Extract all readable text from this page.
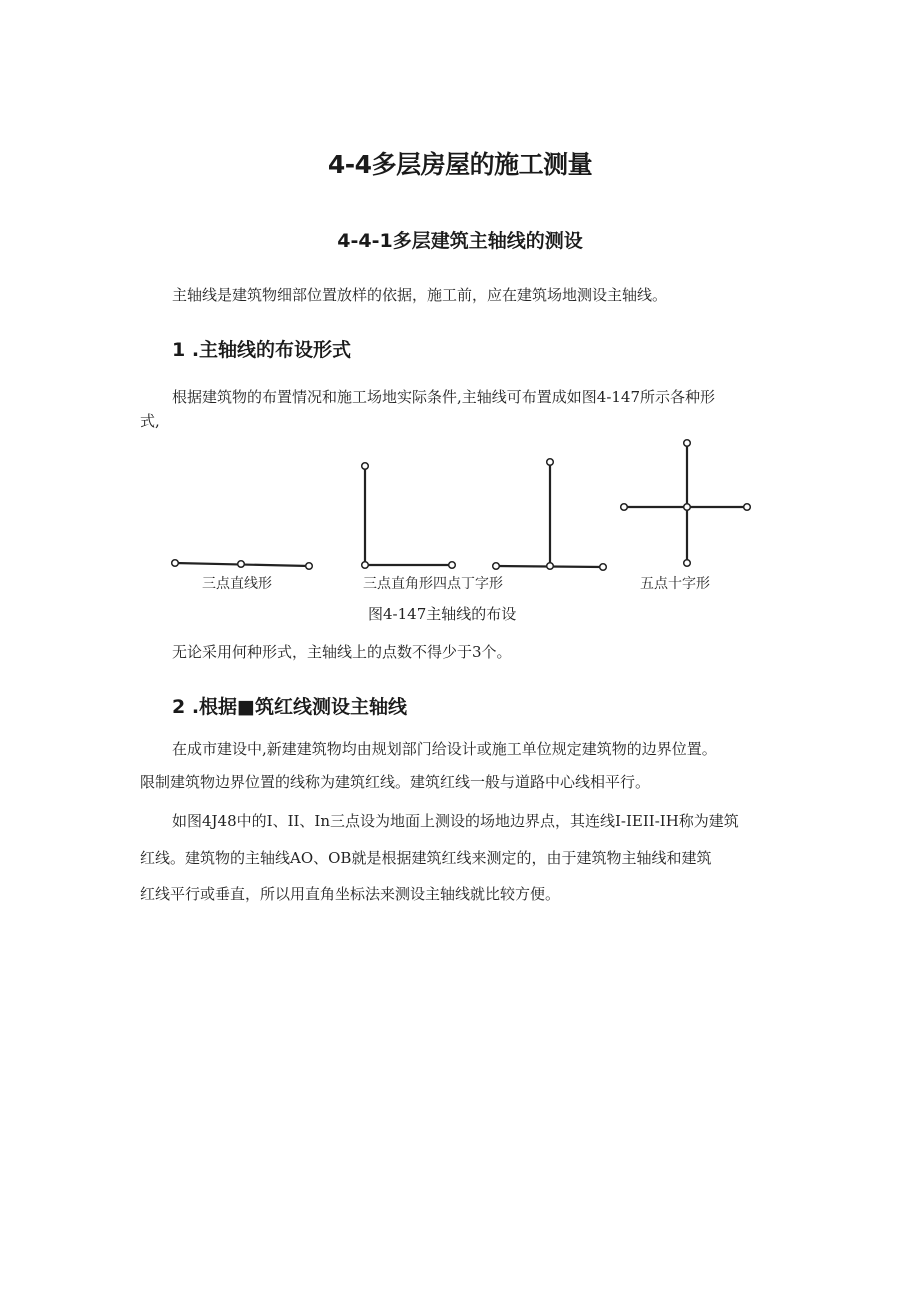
4-4多层房屋的施工测量
4-4-1多层建筑主轴线的测设
主轴线是建筑物细部位置放样的依据，施工前，应在建筑场地测设主轴线。
1 .主轴线的布设形式
根据建筑物的布置情况和施工场地实际条件,主轴线可布置成如图4-147所示各种形
式,
三点直线形	三点直角形 四点丁字形	五点十字形
图4-147主轴线的布设
无论采用何种形式，主轴线上的点数不得少于3个。
2 .根据■筑红线测设主轴线
在成市建设中,新建建筑物均由规划部门给设计或施工单位规定建筑物的边界位置。
限制建筑物边界位置的线称为建筑红线。建筑红线一般与道路中心线相平行。
如图4J48中的I、II、In三点设为地面上测设的场地边界点，其连线I-IEII-IH称为建筑
红线。建筑物的主轴线AO、OB就是根据建筑红线来测定的，由于建筑物主轴线和建筑
红线平行或垂直，所以用直角坐标法来测设主轴线就比较方便。
